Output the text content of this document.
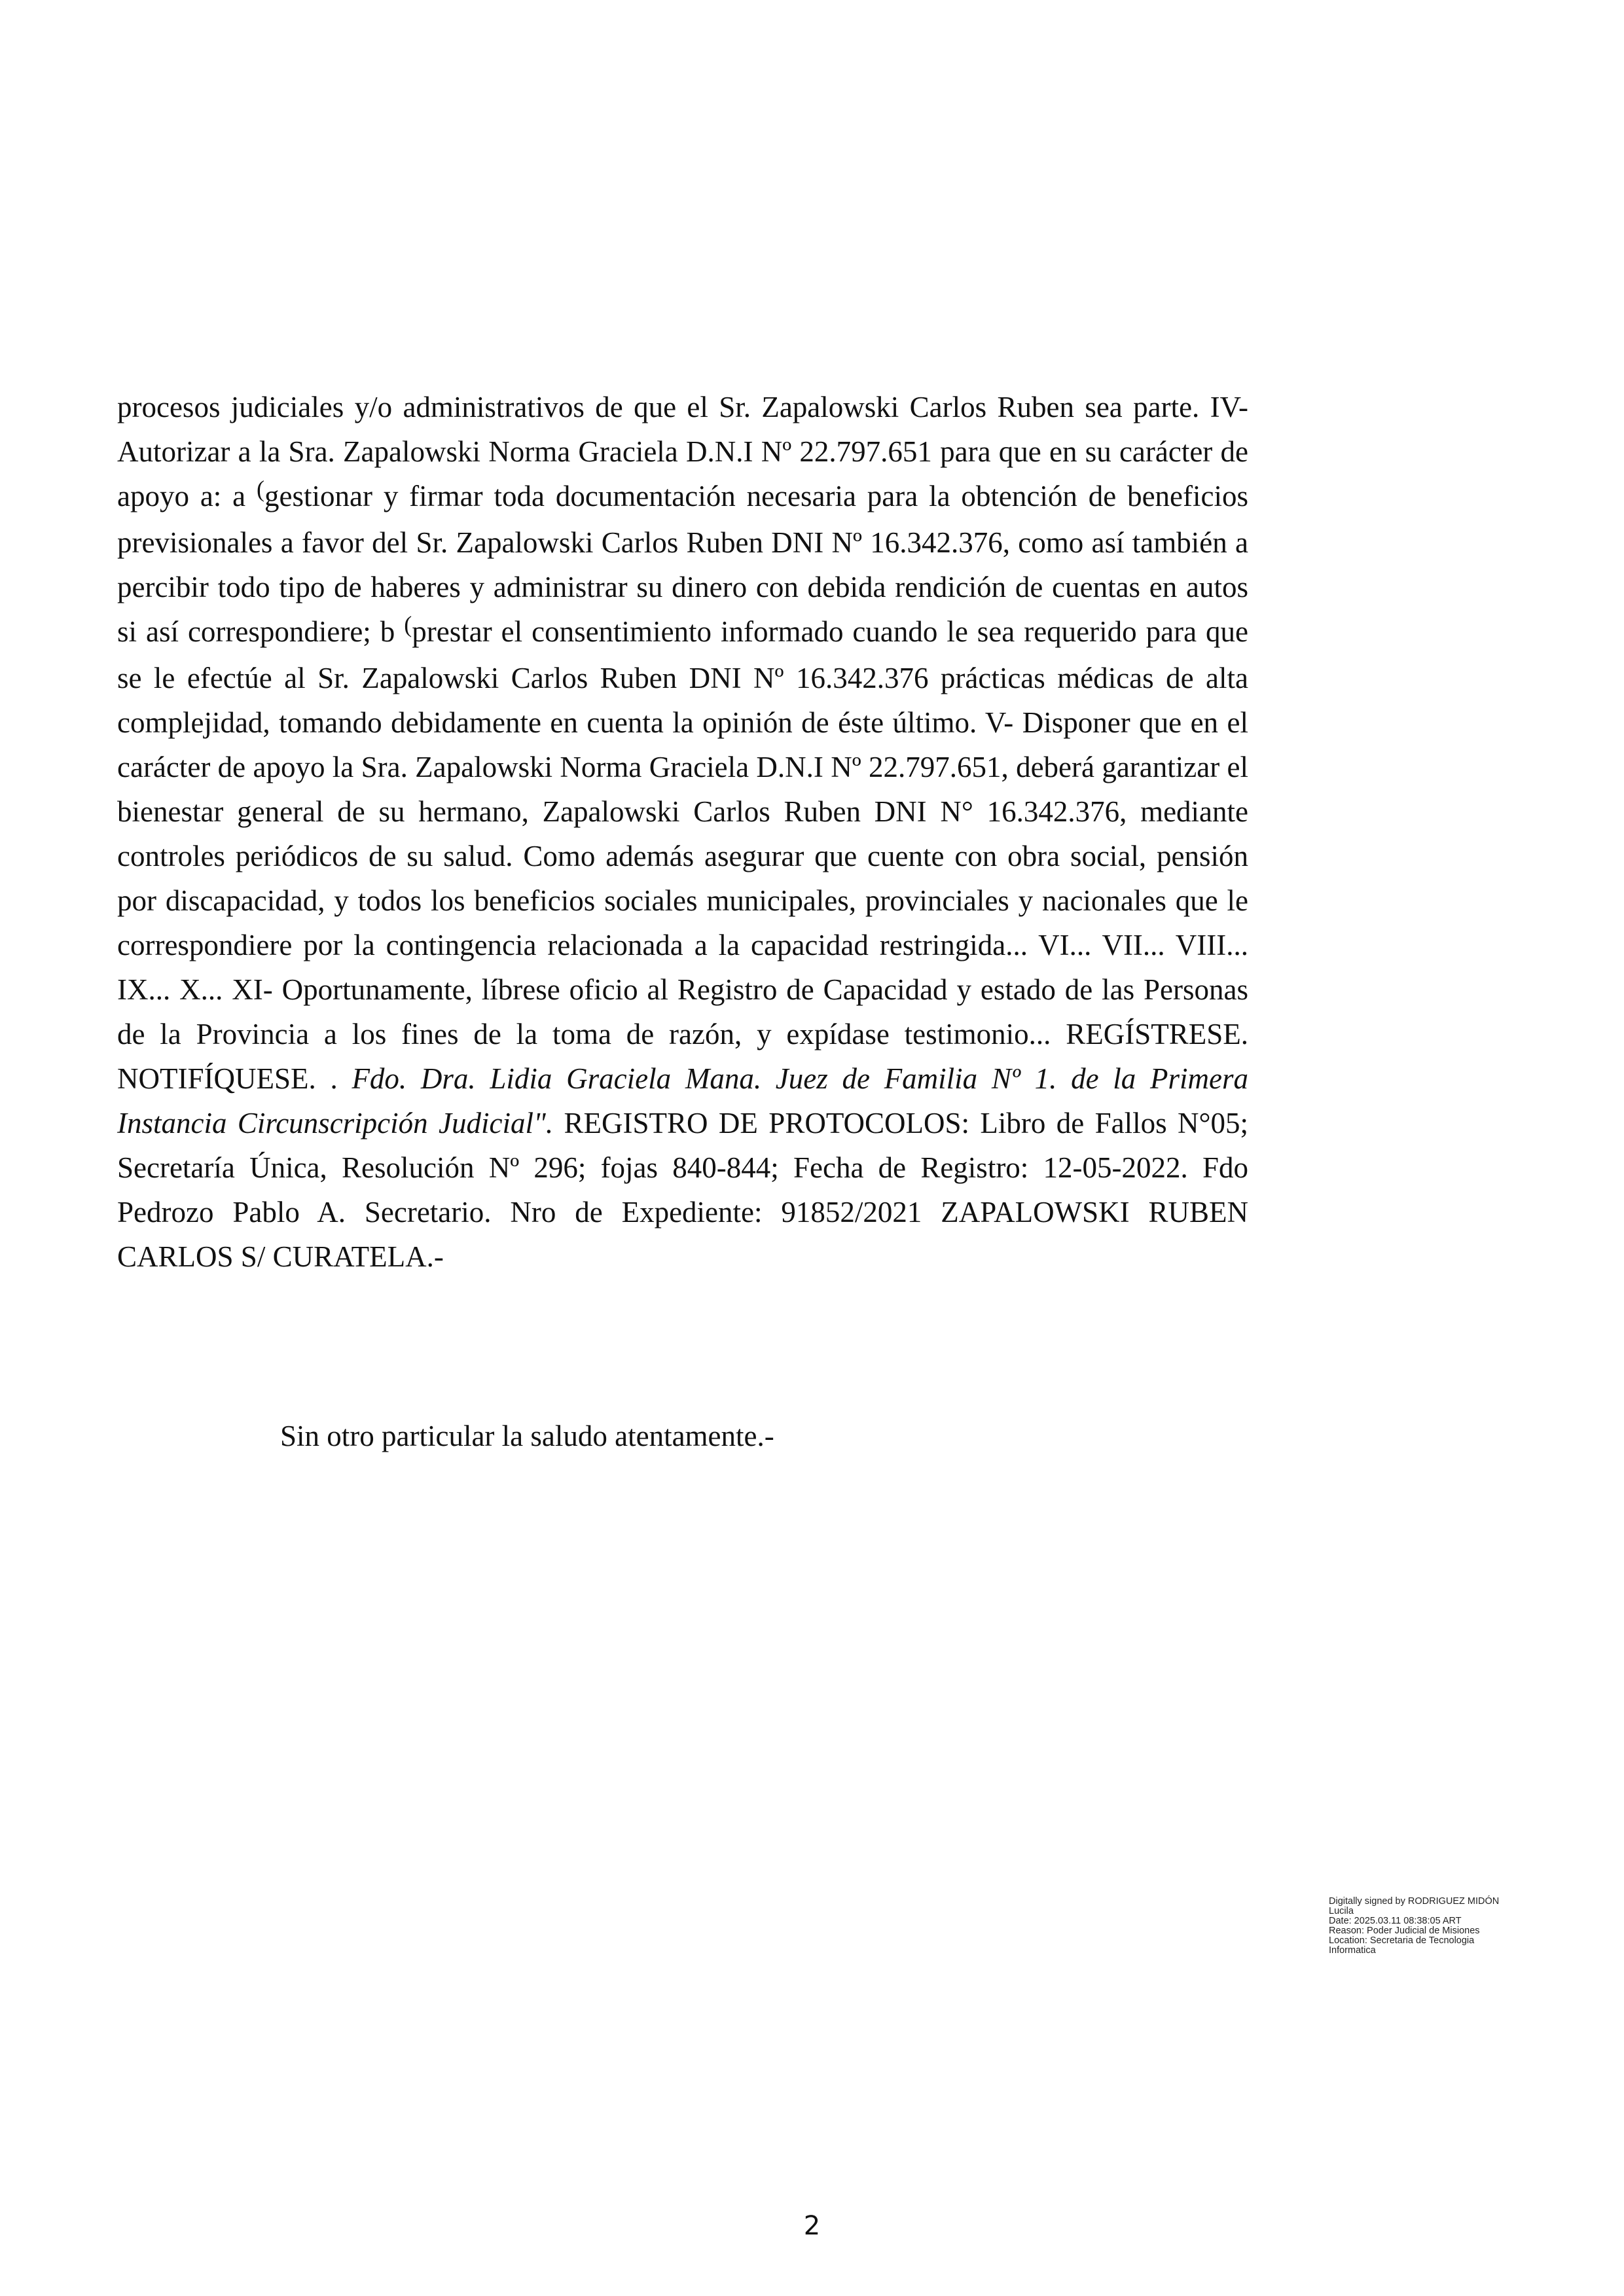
procesos judiciales y/o administrativos de que el Sr. Zapalowski Carlos Ruben sea parte. IV- Autorizar a la Sra. Zapalowski Norma Graciela D.N.I Nº 22.797.651 para que en su carácter de apoyo a: a (gestionar y firmar toda documentación necesaria para la obtención de beneficios previsionales a favor del Sr. Zapalowski Carlos Ruben DNI Nº 16.342.376, como así también a percibir todo tipo de haberes y administrar su dinero con debida rendición de cuentas en autos si así correspondiere; b (prestar el consentimiento informado cuando le sea requerido para que se le efectúe al Sr. Zapalowski Carlos Ruben DNI Nº 16.342.376 prácticas médicas de alta complejidad, tomando debidamente en cuenta la opinión de éste último. V- Disponer que en el carácter de apoyo la Sra. Zapalowski Norma Graciela D.N.I Nº 22.797.651, deberá garantizar el bienestar general de su hermano, Zapalowski Carlos Ruben DNI N° 16.342.376, mediante controles periódicos de su salud. Como además asegurar que cuente con obra social, pensión por discapacidad, y todos los beneficios sociales municipales, provinciales y nacionales que le correspondiere por la contingencia relacionada a la capacidad restringida... VI... VII... VIII... IX... X... XI- Oportunamente, líbrese oficio al Registro de Capacidad y estado de las Personas de la Provincia a los fines de la toma de razón, y expídase testimonio... REGÍSTRESE. NOTIFÍQUESE. . Fdo. Dra. Lidia Graciela Mana. Juez de Familia Nº 1. de la Primera Instancia Circunscripción Judicial". REGISTRO DE PROTOCOLOS: Libro de Fallos N°05; Secretaría Única, Resolución Nº 296; fojas 840-844; Fecha de Registro: 12-05-2022. Fdo Pedrozo Pablo A. Secretario. Nro de Expediente: 91852/2021 ZAPALOWSKI RUBEN CARLOS S/ CURATELA.-

Sin otro particular la saludo atentamente.-

Digitally signed by RODRIGUEZ MIDÓN
Lucila
Date: 2025.03.11 08:38:05 ART
Reason: Poder Judicial de Misiones
Location: Secretaria de Tecnologia
Informatica
2
